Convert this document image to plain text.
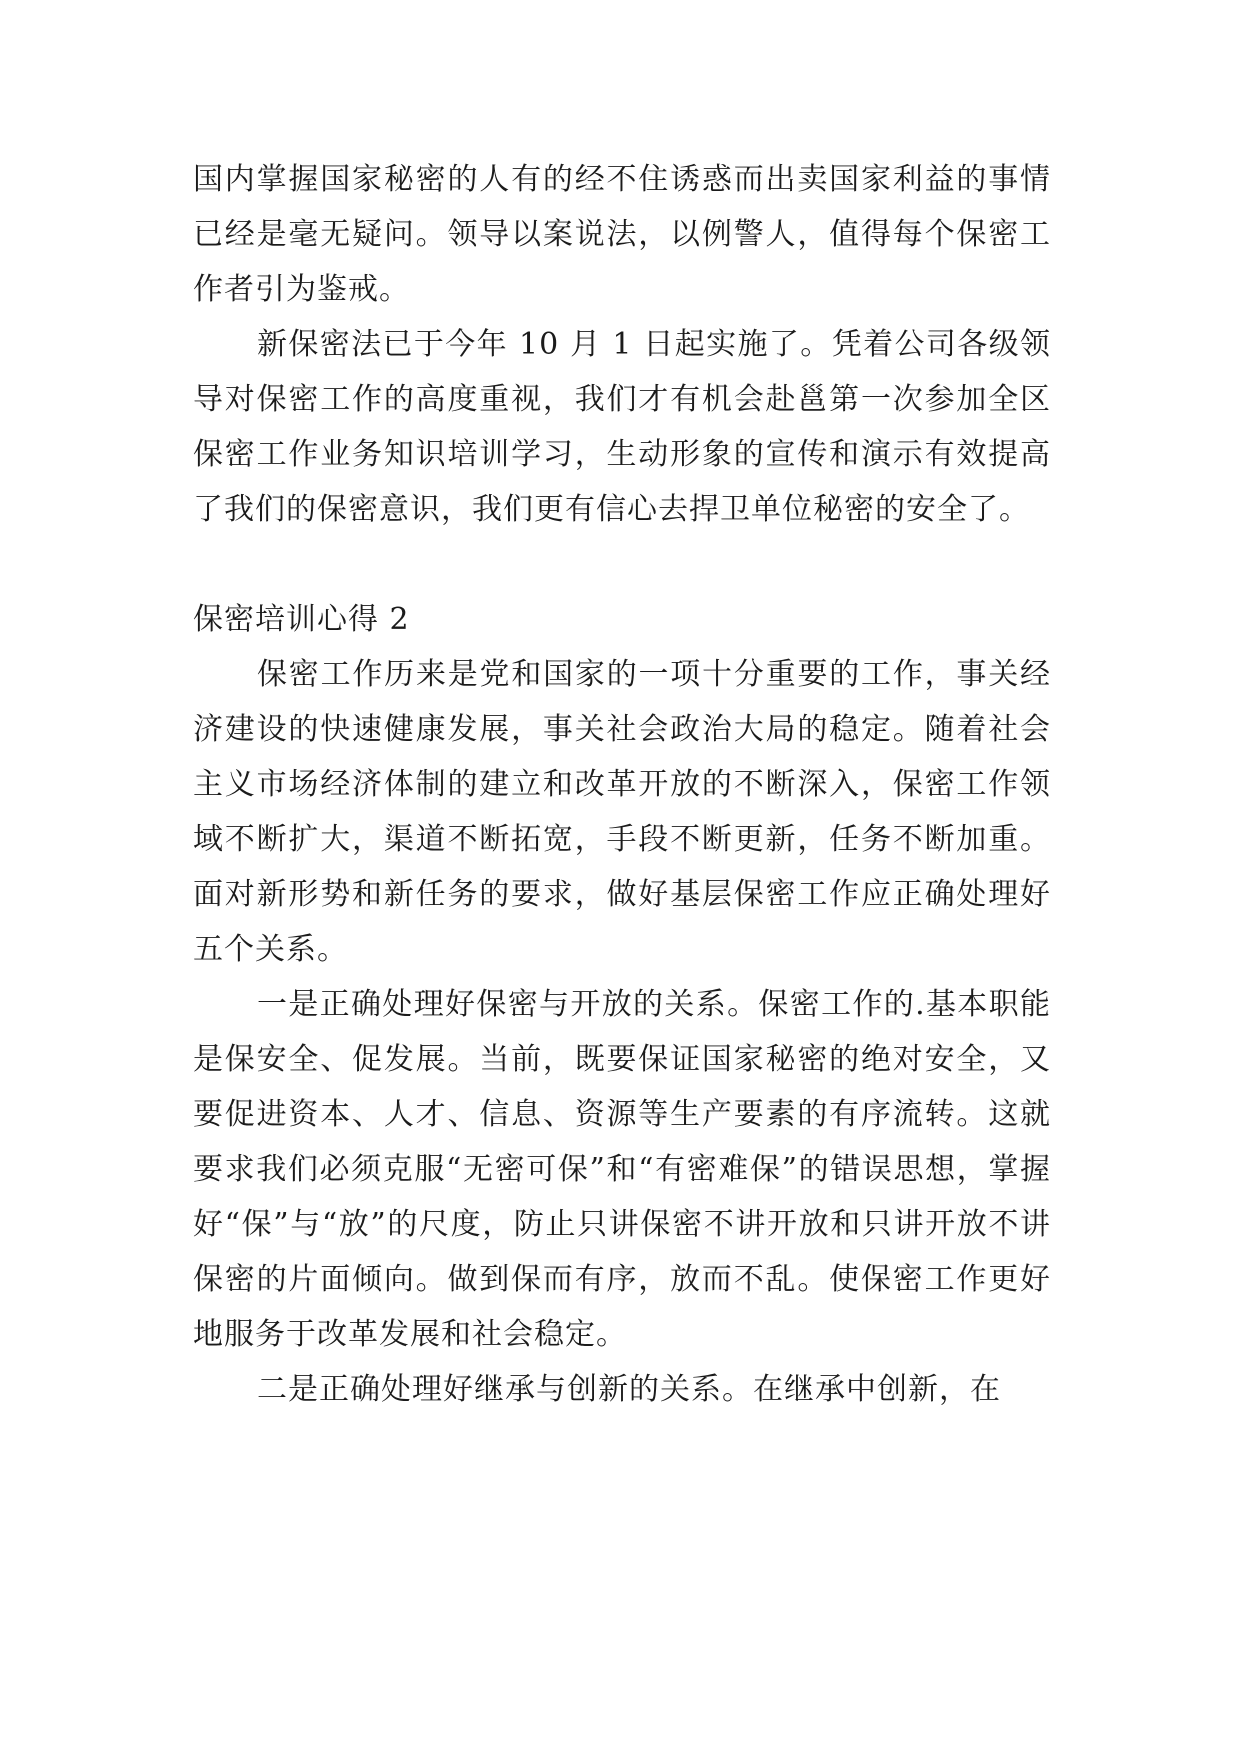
国内掌握国家秘密的人有的经不住诱惑而出卖国家利益的事情已经是毫无疑问。领导以案说法，以例警人，值得每个保密工作者引为鉴戒。

新保密法已于今年 10 月 1 日起实施了。凭着公司各级领导对保密工作的高度重视，我们才有机会赴邕第一次参加全区保密工作业务知识培训学习，生动形象的宣传和演示有效提高了我们的保密意识，我们更有信心去捍卫单位秘密的安全了。

保密培训心得 2

保密工作历来是党和国家的一项十分重要的工作，事关经济建设的快速健康发展，事关社会政治大局的稳定。随着社会主义市场经济体制的建立和改革开放的不断深入，保密工作领域不断扩大，渠道不断拓宽，手段不断更新，任务不断加重。面对新形势和新任务的要求，做好基层保密工作应正确处理好五个关系。

一是正确处理好保密与开放的关系。保密工作的.基本职能是保安全、促发展。当前，既要保证国家秘密的绝对安全，又要促进资本、人才、信息、资源等生产要素的有序流转。这就要求我们必须克服“无密可保”和“有密难保”的错误思想，掌握好“保”与“放”的尺度，防止只讲保密不讲开放和只讲开放不讲保密的片面倾向。做到保而有序，放而不乱。使保密工作更好地服务于改革发展和社会稳定。

二是正确处理好继承与创新的关系。在继承中创新，在
